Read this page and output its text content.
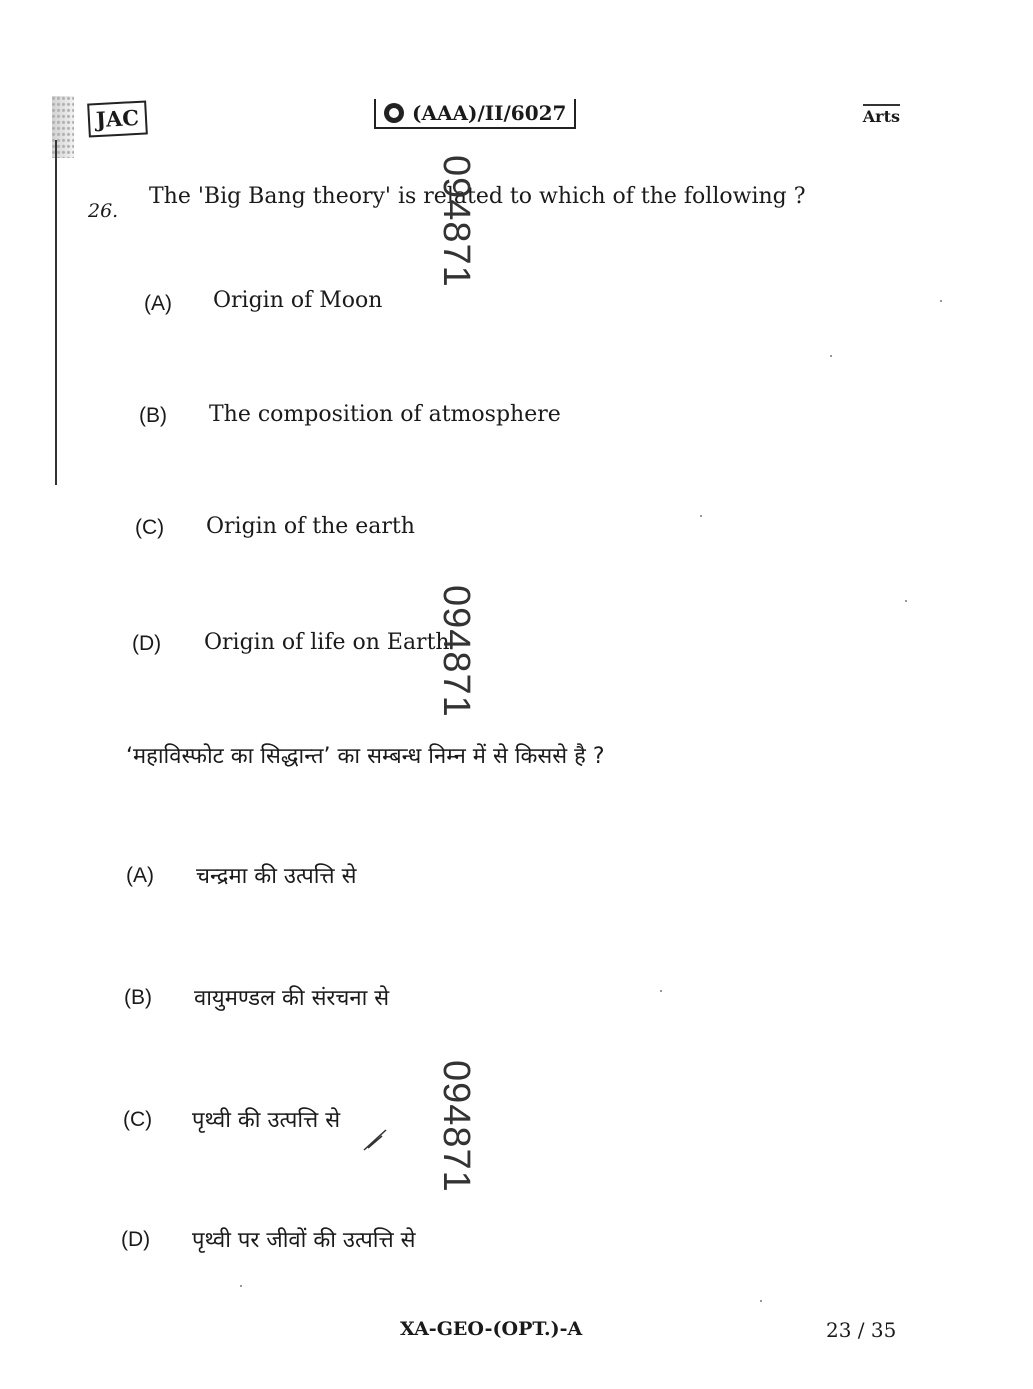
JAC	(AAA)/II/6027	Arts
26.
The 'Big Bang theory' is related to which of the following ?
(A) Origin of Moon
(B) The composition of atmosphere
(C) Origin of the earth
(D) Origin of life on Earth
‘महाविस्फोट का सिद्धान्त’ का सम्बन्ध निम्न में से किससे है ?
(A) चन्द्रमा की उत्पत्ति से
(B) वायुमण्डल की संरचना से
(C) पृथ्वी की उत्पत्ति से
(D) पृथ्वी पर जीवों की उत्पत्ति से
094871
094871
094871
XA-GEO-(OPT.)-A	23 / 35
